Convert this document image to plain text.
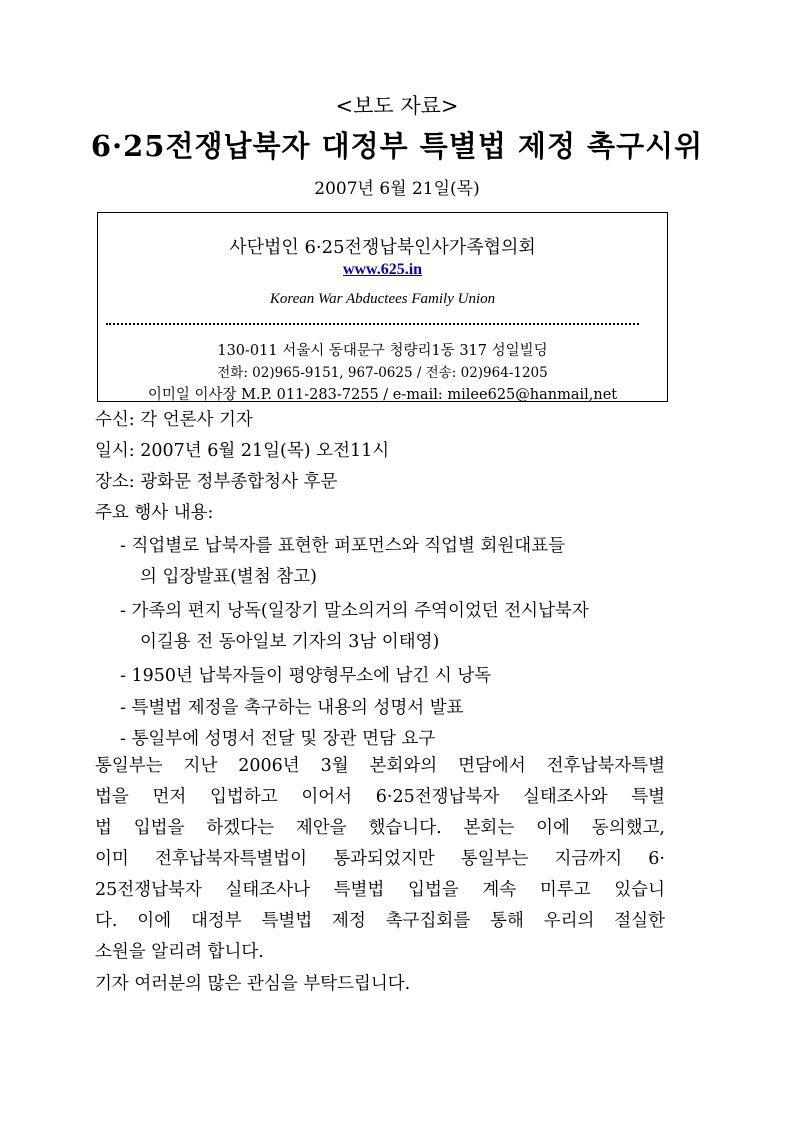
<보도 자료>
6·25전쟁납북자 대정부 특별법 제정 촉구시위
2007년 6월 21일(목)
사단법인 6·25전쟁납북인사가족협의회
www.625.in
Korean War Abductees Family Union
130-011 서울시 동대문구 청량리1동 317 성일빌딩
전화: 02)965-9151, 967-0625 / 전송: 02)964-1205
이미일 이사장 M.P. 011-283-7255 / e-mail: milee625@hanmail,net
수신: 각 언론사 기자
일시: 2007년 6월 21일(목) 오전11시
장소: 광화문 정부종합청사 후문
주요 행사 내용:
- 직업별로 납북자를 표현한 퍼포먼스와 직업별 회원대표들
의 입장발표(별첨 참고)
- 가족의 편지 낭독(일장기 말소의거의 주역이었던 전시납북자
이길용 전 동아일보 기자의 3남 이태영)
- 1950년 납북자들이 평양형무소에 남긴 시 낭독
- 특별법 제정을 촉구하는 내용의 성명서 발표
- 통일부에 성명서 전달 및 장관 면담 요구
통일부는 지난 2006년 3월 본회와의 면담에서 전후납북자특별
법을 먼저 입법하고 이어서 6·25전쟁납북자 실태조사와 특별
법 입법을 하겠다는 제안을 했습니다. 본회는 이에 동의했고,
이미 전후납북자특별법이 통과되었지만 통일부는 지금까지 6·
25전쟁납북자 실태조사나 특별법 입법을 계속 미루고 있습니
다. 이에 대정부 특별법 제정 촉구집회를 통해 우리의 절실한
소원을 알리려 합니다.
기자 여러분의 많은 관심을 부탁드립니다.
